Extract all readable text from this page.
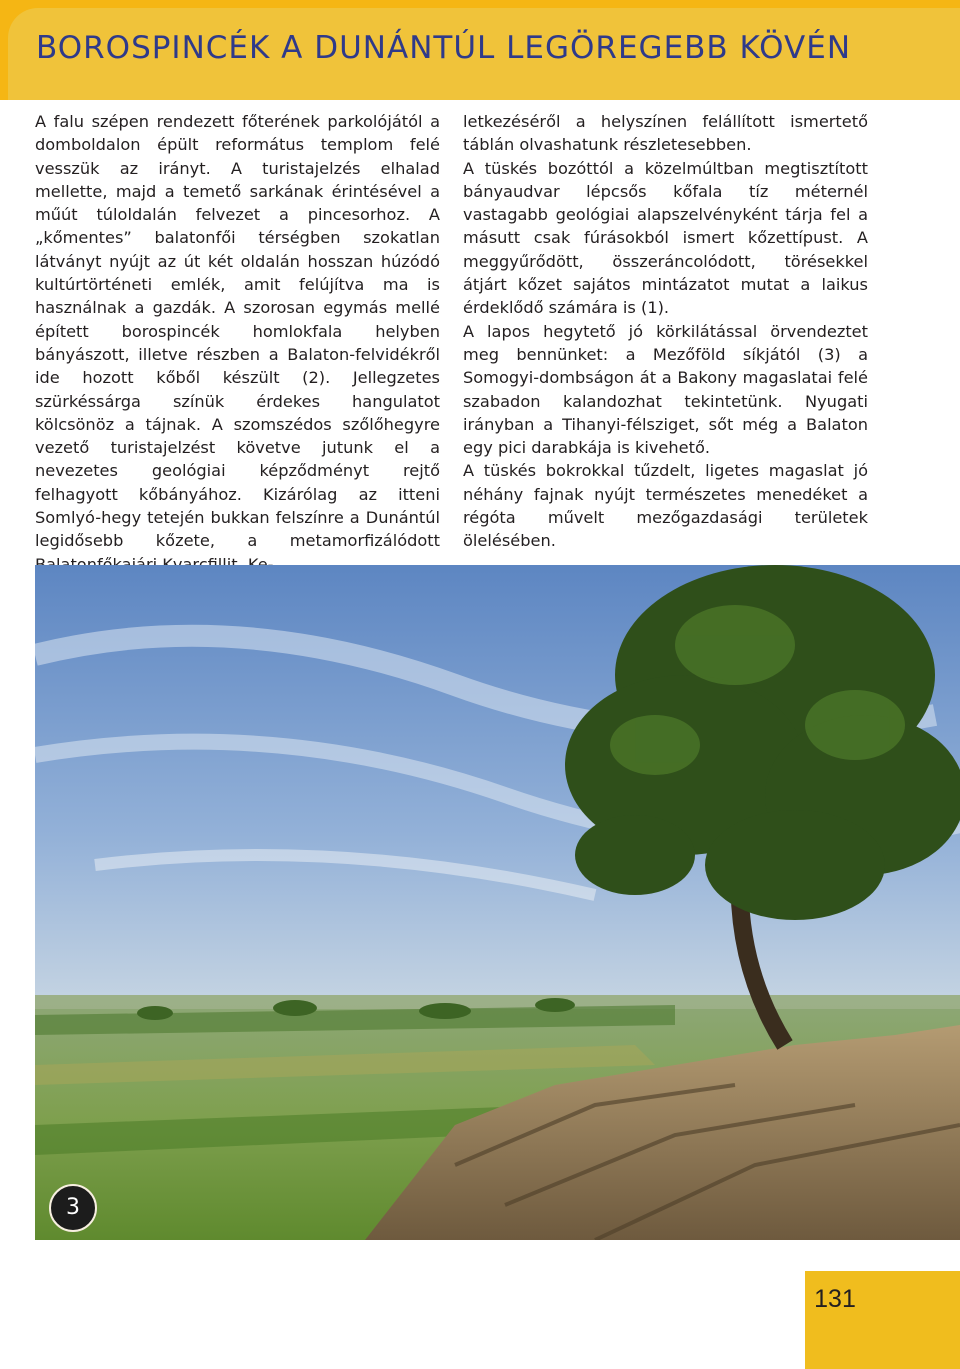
BOROSPINCÉK A DUNÁNTÚL LEGÖREGEBB KÖVÉN

A falu szépen rendezett főterének parkolójától a domboldalon épült református templom felé vesszük az irányt. A turistajelzés elhalad mellette, majd a temető sarkának érintésével a műút túloldalán felvezet a pincesorhoz. A „kőmentes” balatonfői térségben szokatlan látványt nyújt az út két oldalán hosszan húzódó kultúrtörténeti emlék, amit felújítva ma is használnak a gazdák. A szorosan egymás mellé épített borospincék homlokfala helyben bányászott, illetve részben a Balaton-felvidékről ide hozott kőből készült (2). Jellegzetes szürkéssárga színük érdekes hangulatot kölcsönöz a tájnak. A szomszédos szőlőhegyre vezető turistajelzést követve jutunk el a nevezetes geológiai képződményt rejtő felhagyott kőbányához. Kizárólag az itteni Somlyó-hegy tetején bukkan felszínre a Dunántúl legidősebb kőzete, a metamorfizálódott

letkezéséről a helyszínen felállított ismertető táblán olvashatunk részletesebben.

A tüskés bozóttól a közelmúltban megtisztított bányaudvar lépcsős kőfala tíz méternél vastagabb geológiai alapszelvényként tárja fel a másutt csak fúrásokból ismert kőzettípust. A meggyűrődött, összeráncolódott, törésekkel átjárt kőzet sajátos mintázatot mutat a laikus érdeklődő számára is (1).

A lapos hegytető jó körkilátással örvendeztet meg bennünket: a Mezőföld síkjától (3) a Somogyi-dombságon át a Bakony magaslatai felé szabadon kalandozhat tekintetünk. Nyugati irányban a Tihanyi-félsziget, sőt még a Balaton egy pici darabkája is kivehető.

A tüskés bokrokkal tűzdelt, ligetes magaslat jó néhány fajnak nyújt természetes menedéket a régóta művelt mezőgazdasági területek ölelésében.

3
131
